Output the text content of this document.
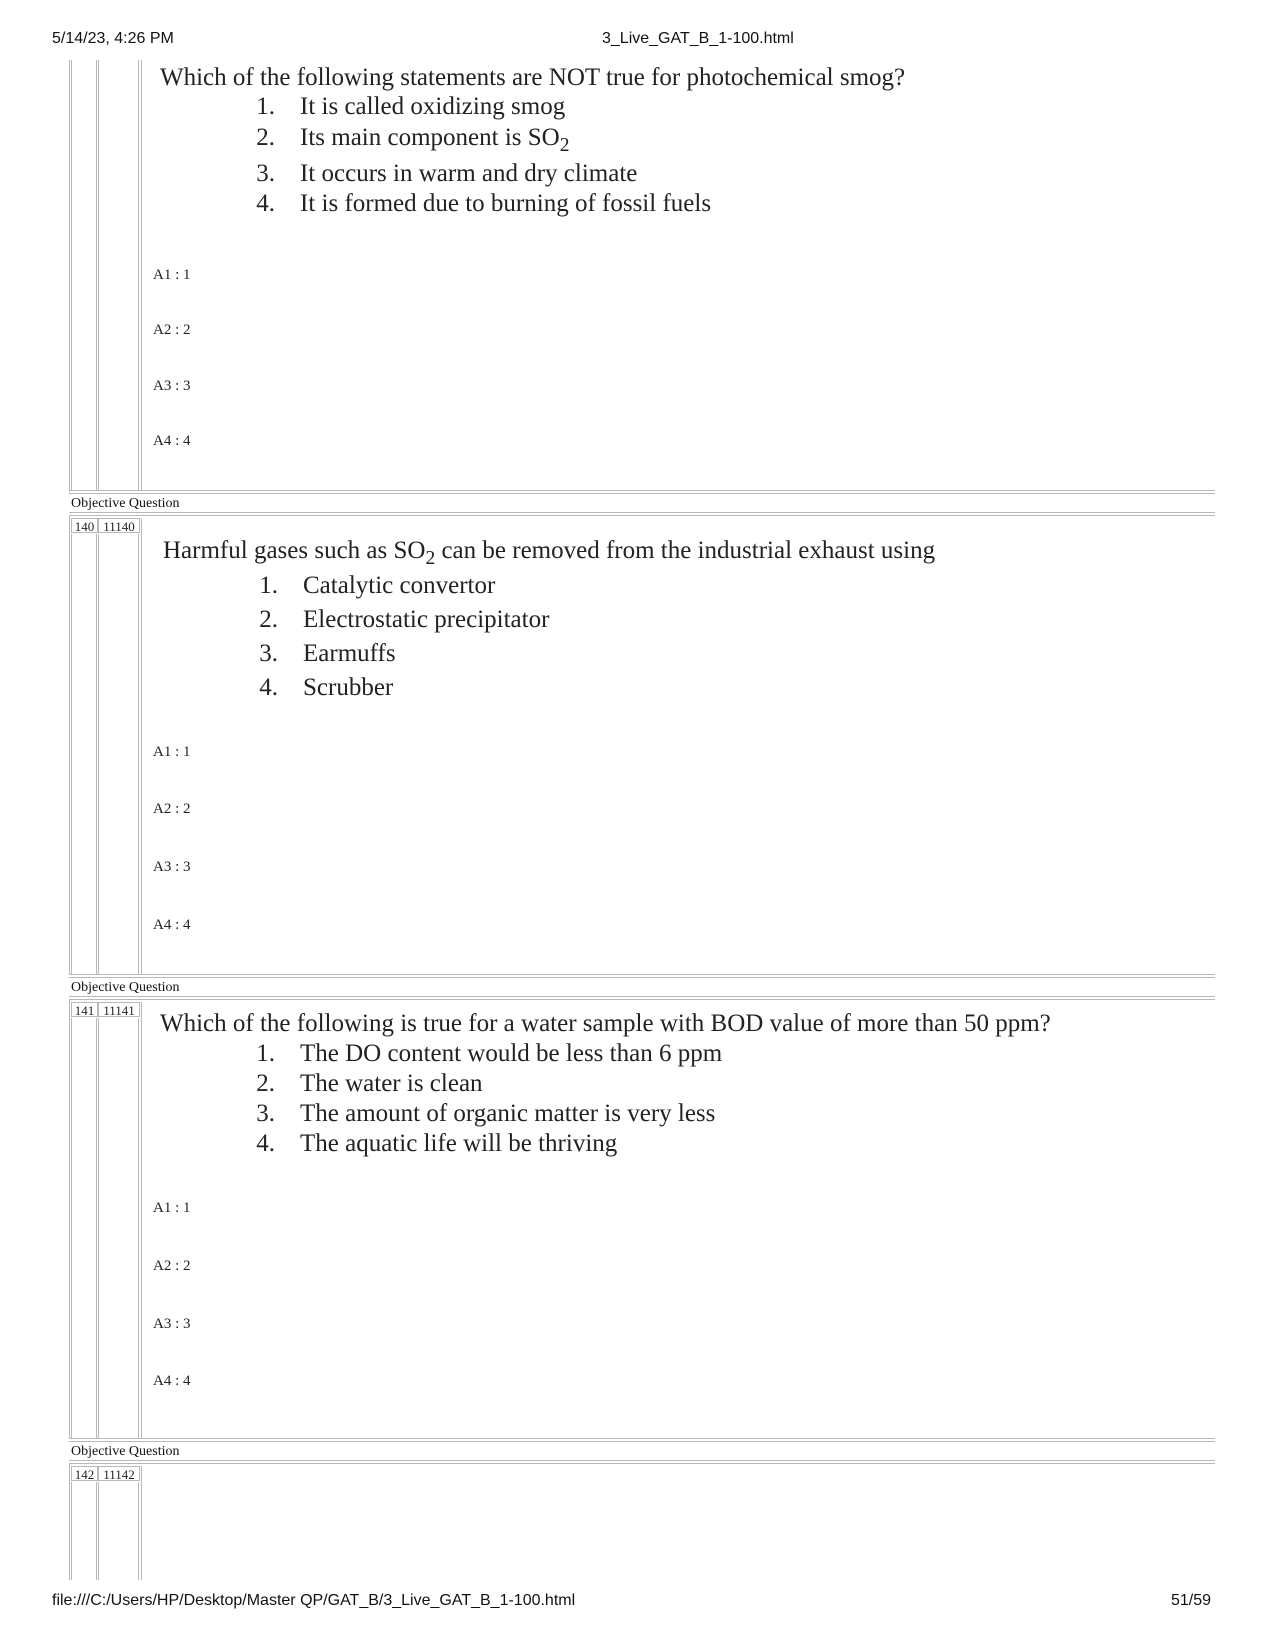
5/14/23, 4:26 PM	3_Live_GAT_B_1-100.html
Objective Question
140 11140
Objective Question
141 11141
Objective Question
142 11142
Which of the following statements are NOT true for photochemical smog?
1. It is called oxidizing smog
2. Its main component is $SO_2$
3. It occurs in warm and dry climate
4. It is formed due to burning of fossil fuels
A1 : 1
A2 : 2
A3 : 3
A4 : 4
Harmful gases such as $SO_2$ can be removed from the industrial exhaust using
1. Catalytic convertor
2. Electrostatic precipitator
3. Earmuffs
4. Scrubber
A1 : 1
A2 : 2
A3 : 3
A4 : 4
Which of the following is true for a water sample with BOD value of more than 50 ppm?
1. The DO content would be less than 6 ppm
2. The water is clean
3. The amount of organic matter is very less
4. The aquatic life will be thriving
A1 : 1
A2 : 2
A3 : 3
A4 : 4
file:///C:/Users/HP/Desktop/Master QP/GAT_B/3_Live_GAT_B_1-100.html	51/59
